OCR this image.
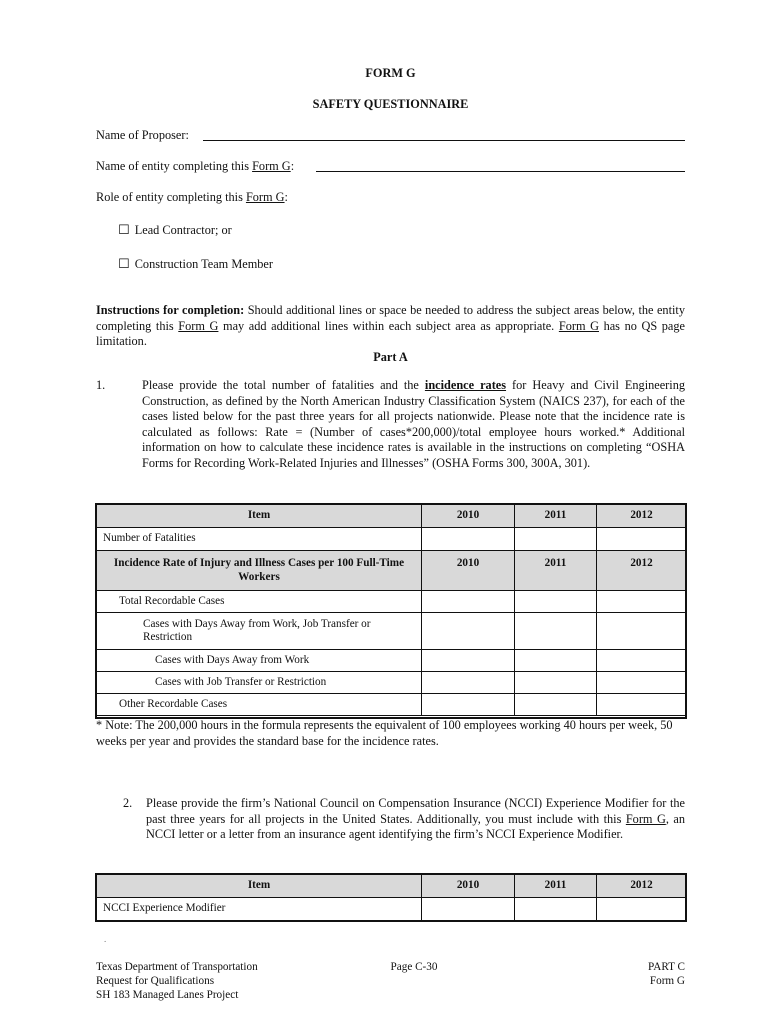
FORM G
SAFETY QUESTIONNAIRE
Name of Proposer:
Name of entity completing this Form G:
Role of entity completing this Form G:
☐ Lead Contractor; or
☐ Construction Team Member
Instructions for completion: Should additional lines or space be needed to address the subject areas below, the entity completing this Form G may add additional lines within each subject area as appropriate. Form G has no QS page limitation.
Part A
1.	Please provide the total number of fatalities and the incidence rates for Heavy and Civil Engineering Construction, as defined by the North American Industry Classification System (NAICS 237), for each of the cases listed below for the past three years for all projects nationwide. Please note that the incidence rate is calculated as follows: Rate = (Number of cases*200,000)/total employee hours worked.* Additional information on how to calculate these incidence rates is available in the instructions on completing “OSHA Forms for Recording Work-Related Injuries and Illnesses” (OSHA Forms 300, 300A, 301).
Item	2010	2011	2012
Number of Fatalities			
Incidence Rate of Injury and Illness Cases per 100 Full-Time Workers	2010	2011	2012
Total Recordable Cases			
Cases with Days Away from Work, Job Transfer or Restriction			
Cases with Days Away from Work			
Cases with Job Transfer or Restriction			
Other Recordable Cases			
* Note: The 200,000 hours in the formula represents the equivalent of 100 employees working 40 hours per week, 50 weeks per year and provides the standard base for the incidence rates.
2. Please provide the firm’s National Council on Compensation Insurance (NCCI) Experience Modifier for the past three years for all projects in the United States. Additionally, you must include with this Form G, an NCCI letter or a letter from an insurance agent identifying the firm’s NCCI Experience Modifier.
Item	2010	2011	2012
NCCI Experience Modifier			
.
Texas Department of Transportation
Request for Qualifications
SH 183 Managed Lanes Project
Page C-30	PART C
Form G
